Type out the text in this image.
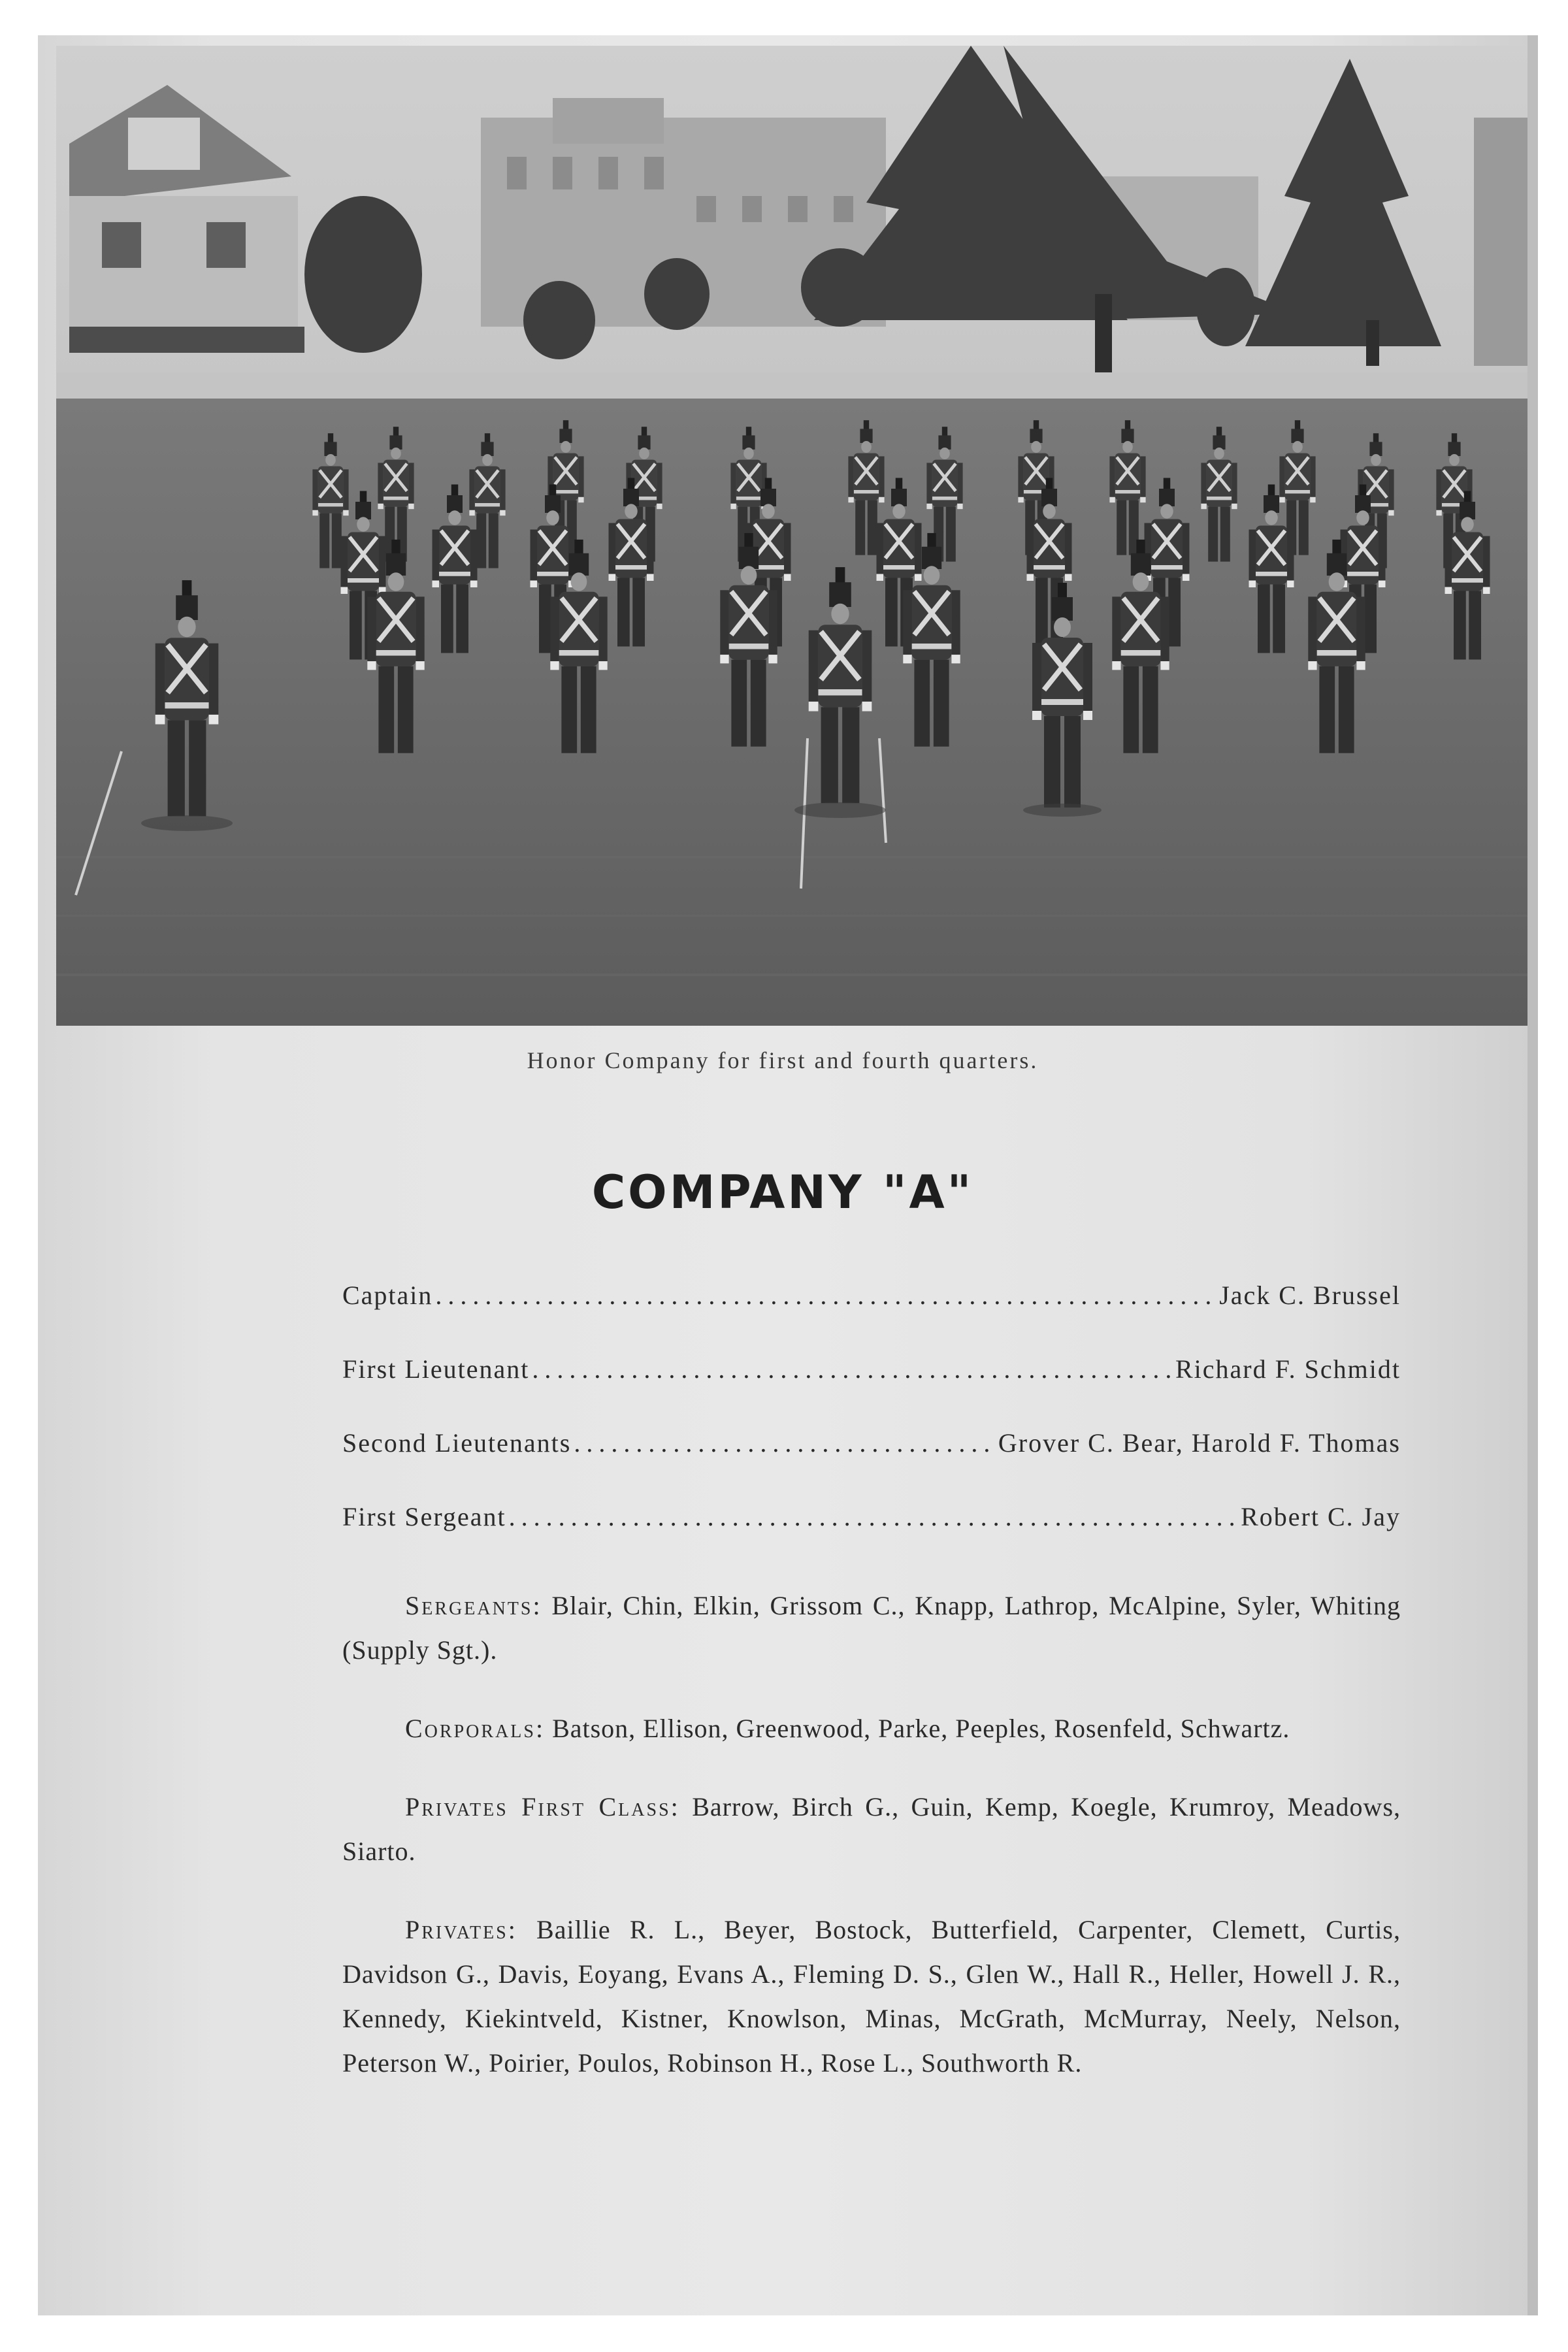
Honor Company for first and fourth quarters.
COMPANY "A"
Captain .....	Jack C. Brussel
First Lieutenant .....	Richard F. Schmidt
Second Lieutenants .....	Grover C. Bear, Harold F. Thomas
First Sergeant .....	Robert C. Jay

Sergeants: Blair, Chin, Elkin, Grissom C., Knapp, Lathrop, McAlpine, Syler, Whiting (Supply Sgt.).

Corporals: Batson, Ellison, Greenwood, Parke, Peeples, Rosenfeld, Schwartz.

Privates First Class: Barrow, Birch G., Guin, Kemp, Koegle, Krumroy, Meadows, Siarto.

Privates: Baillie R. L., Beyer, Bostock, Butterfield, Carpenter, Clemett, Curtis, Davidson G., Davis, Eoyang, Evans A., Fleming D. S., Glen W., Hall R., Heller, Howell J. R., Kennedy, Kiekintveld, Kistner, Knowlson, Minas, McGrath, McMurray, Neely, Nelson, Peterson W., Poirier, Poulos, Robinson H., Rose L., Southworth R.
